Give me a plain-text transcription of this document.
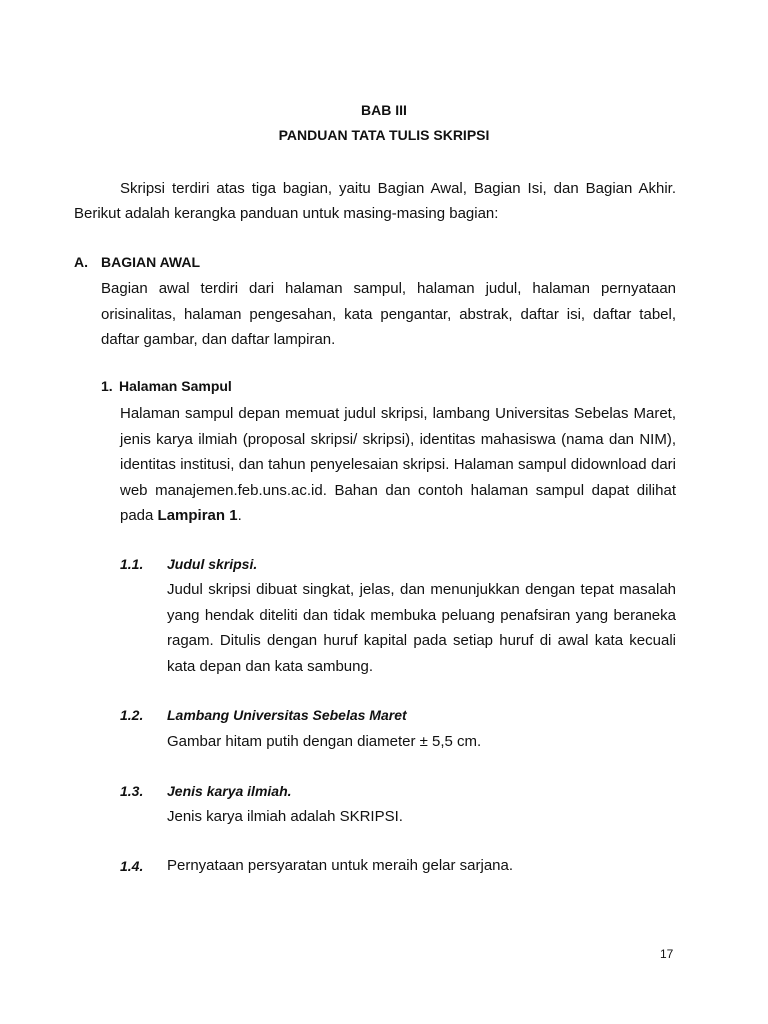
BAB III
PANDUAN TATA TULIS SKRIPSI

Skripsi terdiri atas tiga bagian, yaitu Bagian Awal, Bagian Isi, dan Bagian Akhir. Berikut adalah kerangka panduan untuk masing-masing bagian:

A. BAGIAN AWAL

Bagian awal terdiri dari halaman sampul, halaman judul, halaman pernyataan orisinalitas, halaman pengesahan, kata pengantar, abstrak, daftar isi, daftar tabel, daftar gambar, dan daftar lampiran.

1. Halaman Sampul

Halaman sampul depan memuat judul skripsi, lambang Universitas Sebelas Maret, jenis karya ilmiah (proposal skripsi/ skripsi), identitas mahasiswa (nama dan NIM), identitas institusi, dan tahun penyelesaian skripsi. Halaman sampul didownload dari web manajemen.feb.uns.ac.id. Bahan dan contoh halaman sampul dapat dilihat pada Lampiran 1.

1.1. Judul skripsi.

Judul skripsi dibuat singkat, jelas, dan menunjukkan dengan tepat masalah yang hendak diteliti dan tidak membuka peluang penafsiran yang beraneka ragam. Ditulis dengan huruf kapital pada setiap huruf di awal kata kecuali kata depan dan kata sambung.

1.2. Lambang Universitas Sebelas Maret

Gambar hitam putih dengan diameter ± 5,5 cm.

1.3. Jenis karya ilmiah.

Jenis karya ilmiah adalah SKRIPSI.

1.4. Pernyataan persyaratan untuk meraih gelar sarjana.
17
